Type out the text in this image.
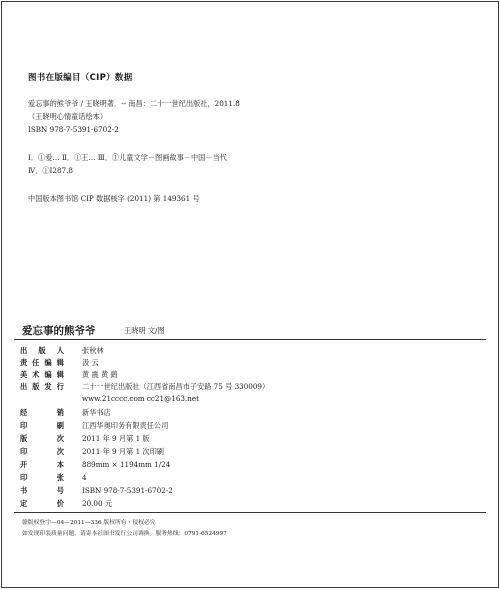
图书在版编目（CIP）数据
爱忘事的熊爷爷 / 王晓明著．-- 南昌：二十一世纪出版社，2011.8
（王晓明心情童话绘本）
ISBN 978-7-5391-6702-2
Ⅰ．①爱… Ⅱ．①王… Ⅲ．①儿童文学－图画故事－中国－当代
Ⅳ．①I287.8
中国版本图书馆 CIP 数据核字 (2011) 第 149361 号
爱忘事的熊爷爷	王晓明 文/图
出 版 人	张秋林
责任编辑	汲 云
美术编辑	黄 震 黄 鹞
出版发行	二十一世纪出版社（江西省南昌市子安路 75 号 330009）
www.21cccc.com cc21@163.net
经 销	新华书店
印 刷	江西华奥印务有限责任公司
版 次	2011 年 9 月第 1 版
印 次	2011 年 9 月第 1 次印刷
开 本	889mm × 1194mm 1/24
印 张	4
书 号	ISBN 978-7-5391-6702-2
定 价	20.00 元
赣版权登字—04—2011—336 版权所有・侵权必究
如发现印装质量问题，请寄本社图书发行公司调换。服务热线：0791-6524997
